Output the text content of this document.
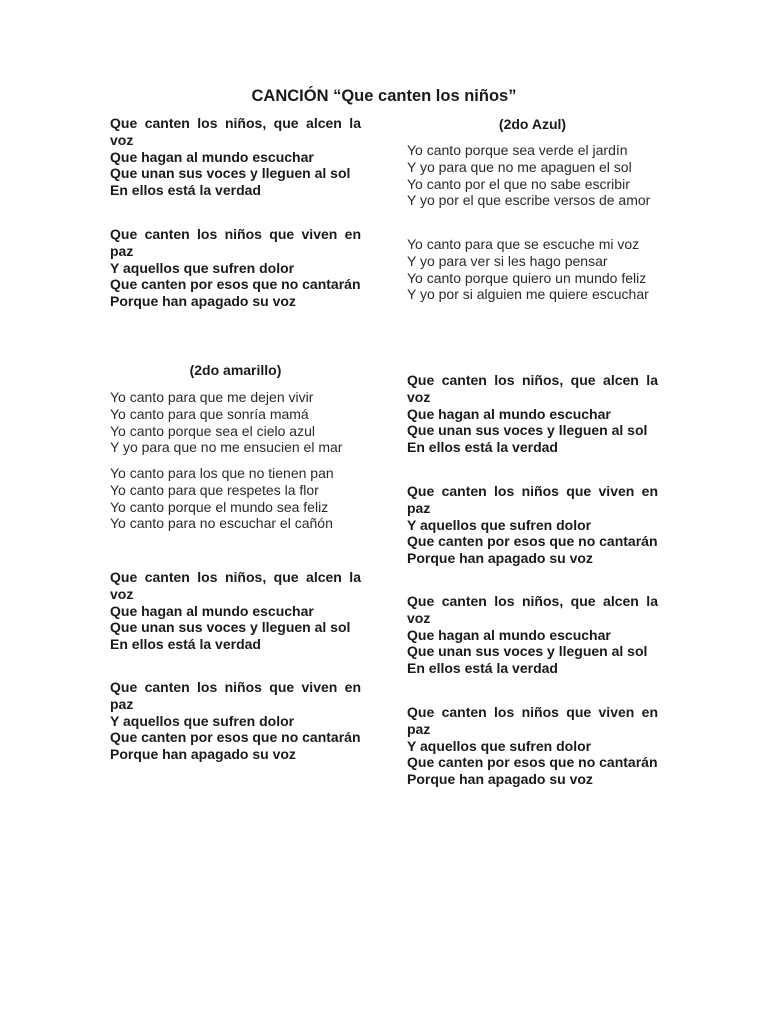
CANCIÓN “Que canten los niños”

Que canten los niños, que alcen la voz

Que hagan al mundo escuchar

Que unan sus voces y lleguen al sol

En ellos está la verdad

Que canten los niños que viven en paz

Y aquellos que sufren dolor

Que canten por esos que no cantarán

Porque han apagado su voz

(2do amarillo)

Yo canto para que me dejen vivir

Yo canto para que sonría mamá

Yo canto porque sea el cielo azul

Y yo para que no me ensucien el mar

Yo canto para los que no tienen pan

Yo canto para que respetes la flor

Yo canto porque el mundo sea feliz

Yo canto para no escuchar el cañón

Que canten los niños, que alcen la voz

Que hagan al mundo escuchar

Que unan sus voces y lleguen al sol

En ellos está la verdad

Que canten los niños que viven en paz

Y aquellos que sufren dolor

Que canten por esos que no cantarán

Porque han apagado su voz

(2do Azul)

Yo canto porque sea verde el jardín

Y yo para que no me apaguen el sol

Yo canto por el que no sabe escribir

Y yo por el que escribe versos de amor

Yo canto para que se escuche mi voz

Y yo para ver si les hago pensar

Yo canto porque quiero un mundo feliz

Y yo por si alguien me quiere escuchar

Que canten los niños, que alcen la voz

Que hagan al mundo escuchar

Que unan sus voces y lleguen al sol

En ellos está la verdad

Que canten los niños que viven en paz

Y aquellos que sufren dolor

Que canten por esos que no cantarán

Porque han apagado su voz

Que canten los niños, que alcen la voz

Que hagan al mundo escuchar

Que unan sus voces y lleguen al sol

En ellos está la verdad

Que canten los niños que viven en paz

Y aquellos que sufren dolor

Que canten por esos que no cantarán

Porque han apagado su voz
